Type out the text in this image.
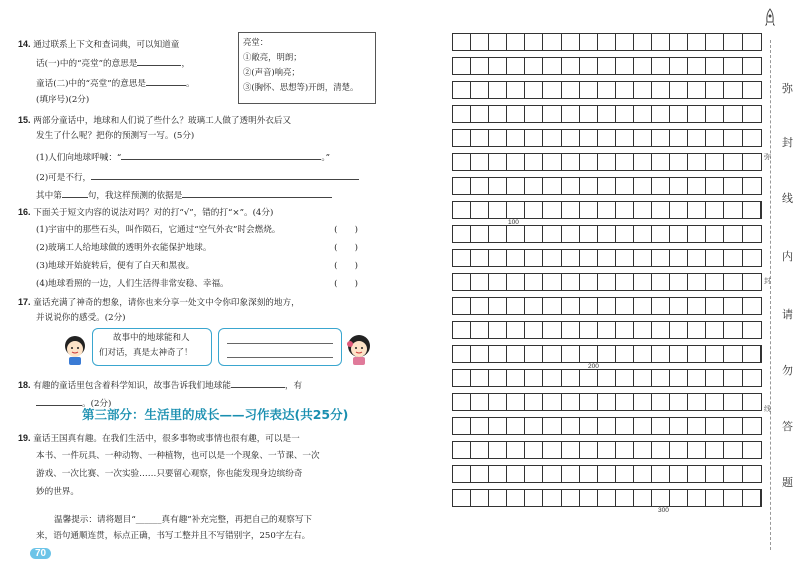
14. 通过联系上下文和查词典，可以知道童
话(一)中的“亮堂”的意思是	，
童话(二)中的“亮堂”的意思是	。
(填序号)(2分)
亮堂：
①敞亮，明朗；
②(声音)响亮；
③(胸怀、思想等)开朗，清楚。
15. 两部分童话中，地球和人们说了些什么？玻璃工人做了透明外衣后又
发生了什么呢？把你的预测写一写。(5分)
(1)人们向地球呼喊：“	。”
(2)可是不行，
其中第	句，我这样预测的依据是
16. 下面关于短文内容的说法对吗？对的打“√”，错的打“×”。(4分)
(1)宇宙中的那些石头，叫作陨石，它通过“空气外衣”时会燃烧。	(　　)
(2)玻璃工人给地球做的透明外衣能保护地球。	(　　)
(3)地球开始旋转后，便有了白天和黑夜。	(　　)
(4)地球看照的一边，人们生活得非常安稳、幸福。	(　　)
17. 童话充满了神奇的想象，请你也来分享一处文中令你印象深刻的地方，
并说说你的感受。(2分)
故事中的地球能和人
们对话，真是太神奇了！
18. 有趣的童话里包含着科学知识，故事告诉我们地球能	，有
。(2分)
第三部分：生活里的成长——习作表达(共25分)
19. 童话王国真有趣。在我们生活中，很多事物或事情也很有趣，可以是一
本书、一件玩具、一种动物、一种植物，也可以是一个现象、一节课、一次
游戏、一次比赛、一次实验……只要留心观察，你也能发现身边缤纷奇
妙的世界。
温馨提示：请将题目“______真有趣”补充完整，再把自己的观察写下
来，语句通顺连贯，标点正确，书写工整并且不写错别字，250字左右。
70
100
200
300
弥
封
线
内
请
勿
答
题
弥
封
线
